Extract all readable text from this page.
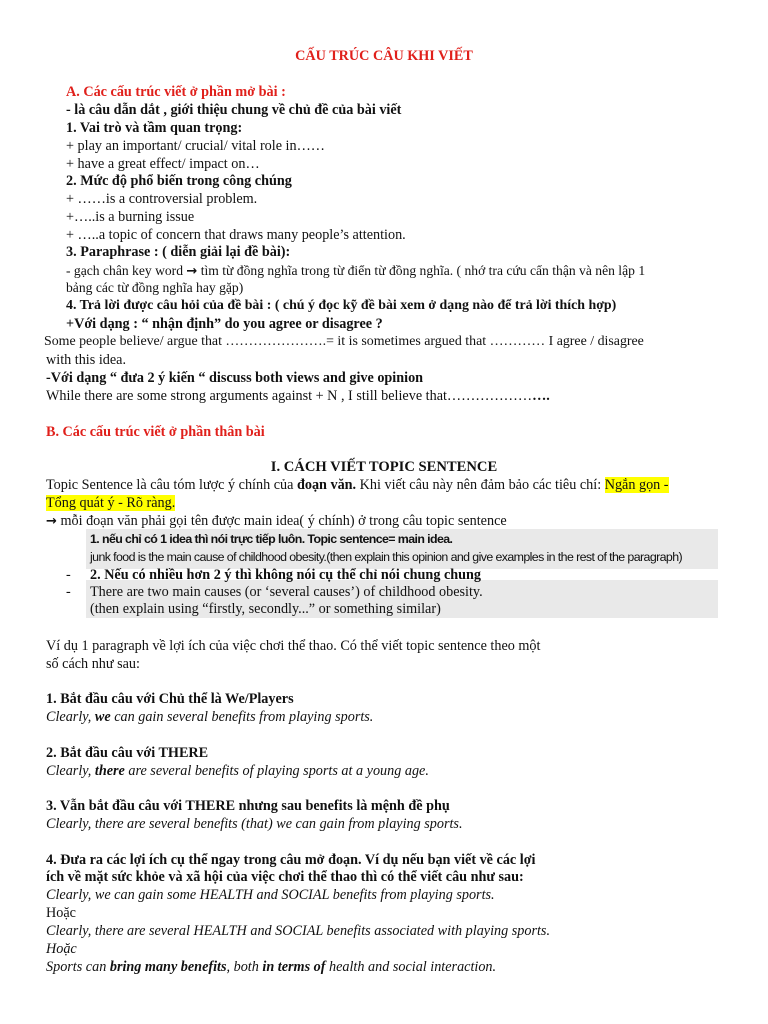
CẤU TRÚC CÂU KHI VIẾT
A. Các cấu trúc viết ở phần mở bài :
- là câu dẫn dắt , giới thiệu chung về chủ đề của bài viết
1. Vai trò và tầm quan trọng:
+ play an important/ crucial/ vital role in……
+ have a great effect/ impact on…
2. Mức độ phổ biến trong công chúng
+ ……is a controversial problem.
+…..is a burning issue
+ …..a topic of concern that draws many people’s attention.
3. Paraphrase : ( diễn giải lại đề bài):
- gạch chân key word → tìm từ đồng nghĩa trong từ điển từ đồng nghĩa. ( nhớ tra cứu cẩn thận và nên lập 1
bảng các từ đồng nghĩa hay gặp)
4. Trả lời được câu hỏi của đề bài : ( chú ý đọc kỹ đề bài xem ở dạng nào để trả lời thích hợp)
+Với dạng : “ nhận định” do you agree or disagree ?
Some people believe/ argue that ………………….= it is sometimes argued that ………… I agree / disagree
with this idea.
-Với dạng “ đưa 2 ý kiến “ discuss both views and give opinion
While there are some strong arguments against + N , I still believe that………………….
B. Các cấu trúc viết ở phần thân bài
I. CÁCH VIẾT TOPIC SENTENCE
Topic Sentence là câu tóm lược ý chính của đoạn văn. Khi viết câu này nên đảm bảo các tiêu chí: Ngắn gọn -
Tổng quát ý - Rõ ràng.
→ mỗi đoạn văn phải gọi tên được main idea( ý chính) ở trong câu topic sentence
1. nếu chỉ có 1 idea thì nói trực tiếp luôn. Topic sentence= main idea.
junk food is the main cause of childhood obesity.(then explain this opinion and give examples in the rest of the paragraph)
- 2. Nếu có nhiều hơn 2 ý thì không nói cụ thể chỉ nói chung chung
- There are two main causes (or ‘several causes’) of childhood obesity.
(then explain using “firstly, secondly...” or something similar)
Ví dụ 1 paragraph về lợi ích của việc chơi thể thao. Có thể viết topic sentence theo một
số cách như sau:
1. Bắt đầu câu với Chủ thể là We/Players
Clearly, we can gain several benefits from playing sports.
2. Bắt đầu câu với THERE
Clearly, there are several benefits of playing sports at a young age.
3. Vẫn bắt đầu câu với THERE nhưng sau benefits là mệnh đề phụ
Clearly, there are several benefits (that) we can gain from playing sports.
4. Đưa ra các lợi ích cụ thể ngay trong câu mở đoạn. Ví dụ nếu bạn viết về các lợi
ích về mặt sức khỏe và xã hội của việc chơi thể thao thì có thể viết câu như sau:
Clearly, we can gain some HEALTH and SOCIAL benefits from playing sports.
Hoặc
Clearly, there are several HEALTH and SOCIAL benefits associated with playing sports.
Hoặc
Sports can bring many benefits, both in terms of health and social interaction.
